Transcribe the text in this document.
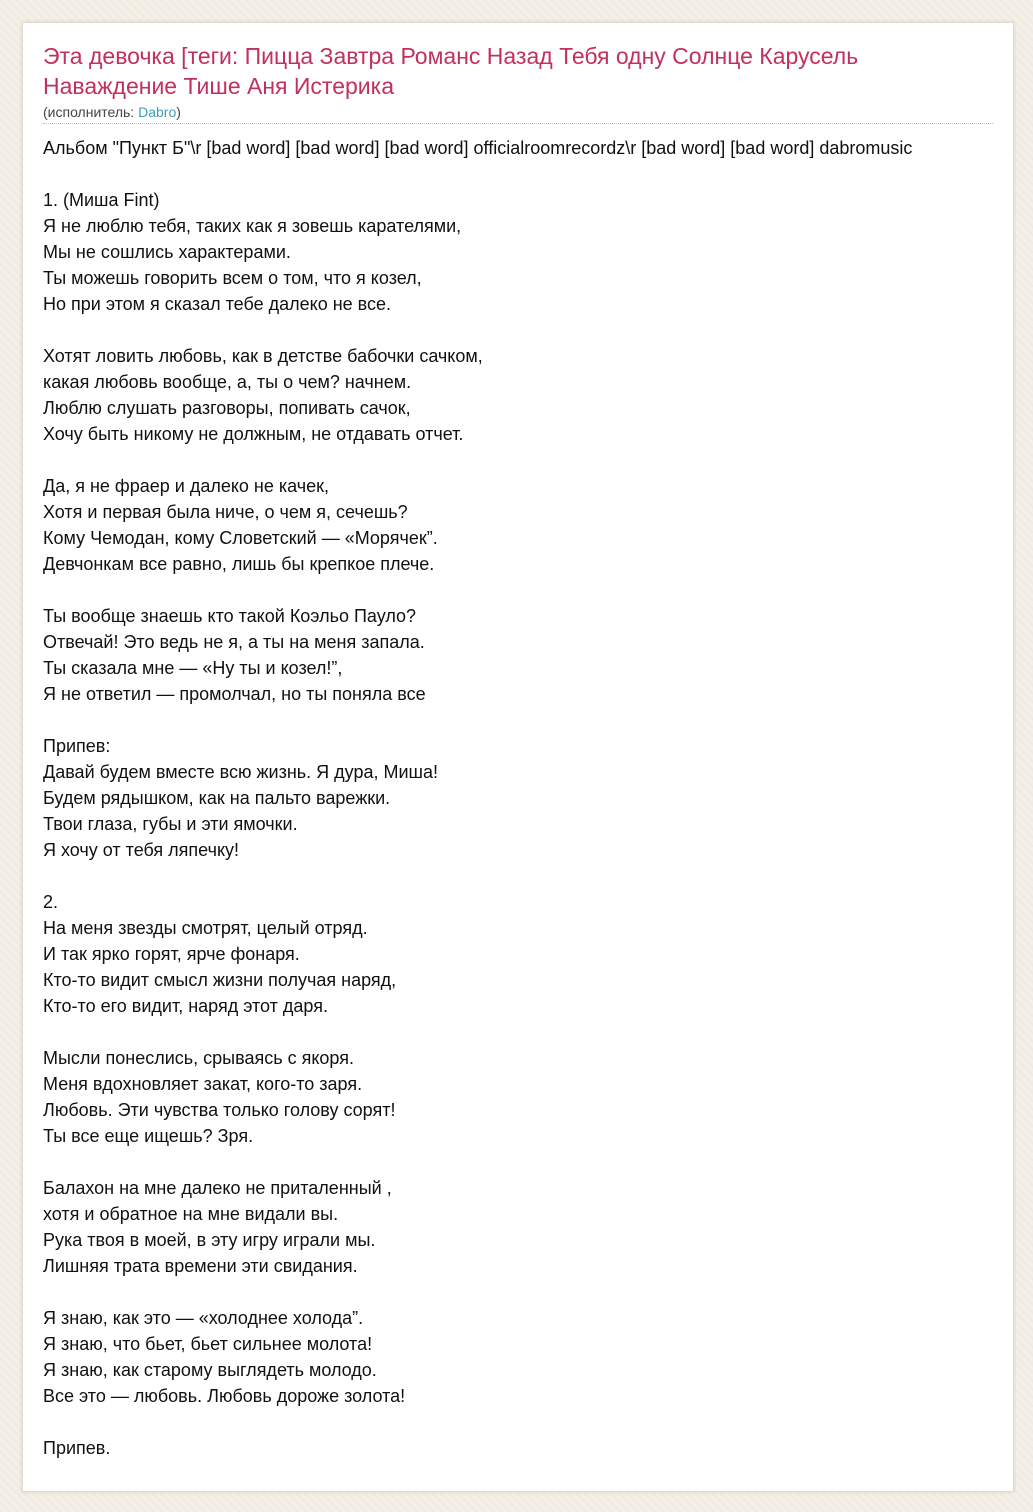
Эта девочка [теги: Пицца Завтра Романс Назад Тебя одну Солнце Карусель Наваждение Тише Аня Истерика
(исполнитель: Dabro)
Альбом "Пункт Б"\r [bad word] [bad word] [bad word] officialroomrecordz\r [bad word] [bad word] dabromusic
1. (Миша Fint)
Я не люблю тебя, таких как я зовешь карателями,
Мы не сошлись характерами.
Ты можешь говорить всем о том, что я козел,
Но при этом я сказал тебе далеко не все.
Хотят ловить любовь, как в детстве бабочки сачком,
какая любовь вообще, а, ты о чем? начнем.
Люблю слушать разговоры, попивать сачок,
Хочу быть никому не должным, не отдавать отчет.
Да, я не фраер и далеко не качек,
Хотя и первая была ниче, о чем я, сечешь?
Кому Чемодан, кому Словетский — «Морячек”.
Девчонкам все равно, лишь бы крепкое плече.
Ты вообще знаешь кто такой Коэльо Пауло?
Отвечай! Это ведь не я, а ты на меня запала.
Ты сказала мне — «Ну ты и козел!”,
Я не ответил — промолчал, но ты поняла все
Припев:
Давай будем вместе всю жизнь. Я дура, Миша!
Будем рядышком, как на пальто варежки.
Твои глаза, губы и эти ямочки.
Я хочу от тебя ляпечку!
2.
На меня звезды смотрят, целый отряд.
И так ярко горят, ярче фонаря.
Кто-то видит смысл жизни получая наряд,
Кто-то его видит, наряд этот даря.
Мысли понеслись, срываясь с якоря.
Меня вдохновляет закат, кого-то заря.
Любовь. Эти чувства только голову сорят!
Ты все еще ищешь? Зря.
Балахон на мне далеко не приталенный ,
хотя и обратное на мне видали вы.
Рука твоя в моей, в эту игру играли мы.
Лишняя трата времени эти свидания.
Я знаю, как это — «холоднее холода”.
Я знаю, что бьет, бьет сильнее молота!
Я знаю, как старому выглядеть молодо.
Все это — любовь. Любовь дороже золота!
Припев.
